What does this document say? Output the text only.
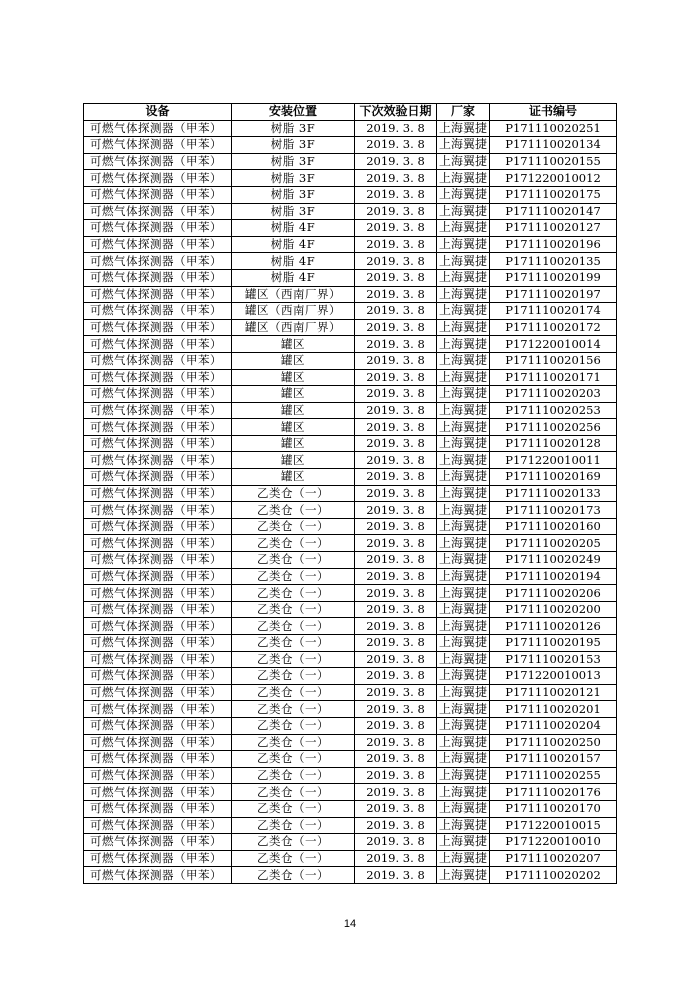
设备	安装位置	下次效验日期	厂家	证书编号
可燃气体探测器（甲苯）	树脂 3F	2019. 3. 8	上海翼捷	P171110020251
可燃气体探测器（甲苯）	树脂 3F	2019. 3. 8	上海翼捷	P171110020134
可燃气体探测器（甲苯）	树脂 3F	2019. 3. 8	上海翼捷	P171110020155
可燃气体探测器（甲苯）	树脂 3F	2019. 3. 8	上海翼捷	P171220010012
可燃气体探测器（甲苯）	树脂 3F	2019. 3. 8	上海翼捷	P171110020175
可燃气体探测器（甲苯）	树脂 3F	2019. 3. 8	上海翼捷	P171110020147
可燃气体探测器（甲苯）	树脂 4F	2019. 3. 8	上海翼捷	P171110020127
可燃气体探测器（甲苯）	树脂 4F	2019. 3. 8	上海翼捷	P171110020196
可燃气体探测器（甲苯）	树脂 4F	2019. 3. 8	上海翼捷	P171110020135
可燃气体探测器（甲苯）	树脂 4F	2019. 3. 8	上海翼捷	P171110020199
可燃气体探测器（甲苯）	罐区（西南厂界）	2019. 3. 8	上海翼捷	P171110020197
可燃气体探测器（甲苯）	罐区（西南厂界）	2019. 3. 8	上海翼捷	P171110020174
可燃气体探测器（甲苯）	罐区（西南厂界）	2019. 3. 8	上海翼捷	P171110020172
可燃气体探测器（甲苯）	罐区	2019. 3. 8	上海翼捷	P171220010014
可燃气体探测器（甲苯）	罐区	2019. 3. 8	上海翼捷	P171110020156
可燃气体探测器（甲苯）	罐区	2019. 3. 8	上海翼捷	P171110020171
可燃气体探测器（甲苯）	罐区	2019. 3. 8	上海翼捷	P171110020203
可燃气体探测器（甲苯）	罐区	2019. 3. 8	上海翼捷	P171110020253
可燃气体探测器（甲苯）	罐区	2019. 3. 8	上海翼捷	P171110020256
可燃气体探测器（甲苯）	罐区	2019. 3. 8	上海翼捷	P171110020128
可燃气体探测器（甲苯）	罐区	2019. 3. 8	上海翼捷	P171220010011
可燃气体探测器（甲苯）	罐区	2019. 3. 8	上海翼捷	P171110020169
可燃气体探测器（甲苯）	乙类仓（一）	2019. 3. 8	上海翼捷	P171110020133
可燃气体探测器（甲苯）	乙类仓（一）	2019. 3. 8	上海翼捷	P171110020173
可燃气体探测器（甲苯）	乙类仓（一）	2019. 3. 8	上海翼捷	P171110020160
可燃气体探测器（甲苯）	乙类仓（一）	2019. 3. 8	上海翼捷	P171110020205
可燃气体探测器（甲苯）	乙类仓（一）	2019. 3. 8	上海翼捷	P171110020249
可燃气体探测器（甲苯）	乙类仓（一）	2019. 3. 8	上海翼捷	P171110020194
可燃气体探测器（甲苯）	乙类仓（一）	2019. 3. 8	上海翼捷	P171110020206
可燃气体探测器（甲苯）	乙类仓（一）	2019. 3. 8	上海翼捷	P171110020200
可燃气体探测器（甲苯）	乙类仓（一）	2019. 3. 8	上海翼捷	P171110020126
可燃气体探测器（甲苯）	乙类仓（一）	2019. 3. 8	上海翼捷	P171110020195
可燃气体探测器（甲苯）	乙类仓（一）	2019. 3. 8	上海翼捷	P171110020153
可燃气体探测器（甲苯）	乙类仓（一）	2019. 3. 8	上海翼捷	P171220010013
可燃气体探测器（甲苯）	乙类仓（一）	2019. 3. 8	上海翼捷	P171110020121
可燃气体探测器（甲苯）	乙类仓（一）	2019. 3. 8	上海翼捷	P171110020201
可燃气体探测器（甲苯）	乙类仓（一）	2019. 3. 8	上海翼捷	P171110020204
可燃气体探测器（甲苯）	乙类仓（一）	2019. 3. 8	上海翼捷	P171110020250
可燃气体探测器（甲苯）	乙类仓（一）	2019. 3. 8	上海翼捷	P171110020157
可燃气体探测器（甲苯）	乙类仓（一）	2019. 3. 8	上海翼捷	P171110020255
可燃气体探测器（甲苯）	乙类仓（一）	2019. 3. 8	上海翼捷	P171110020176
可燃气体探测器（甲苯）	乙类仓（一）	2019. 3. 8	上海翼捷	P171110020170
可燃气体探测器（甲苯）	乙类仓（一）	2019. 3. 8	上海翼捷	P171220010015
可燃气体探测器（甲苯）	乙类仓（一）	2019. 3. 8	上海翼捷	P171220010010
可燃气体探测器（甲苯）	乙类仓（一）	2019. 3. 8	上海翼捷	P171110020207
可燃气体探测器（甲苯）	乙类仓（一）	2019. 3. 8	上海翼捷	P171110020202
14
